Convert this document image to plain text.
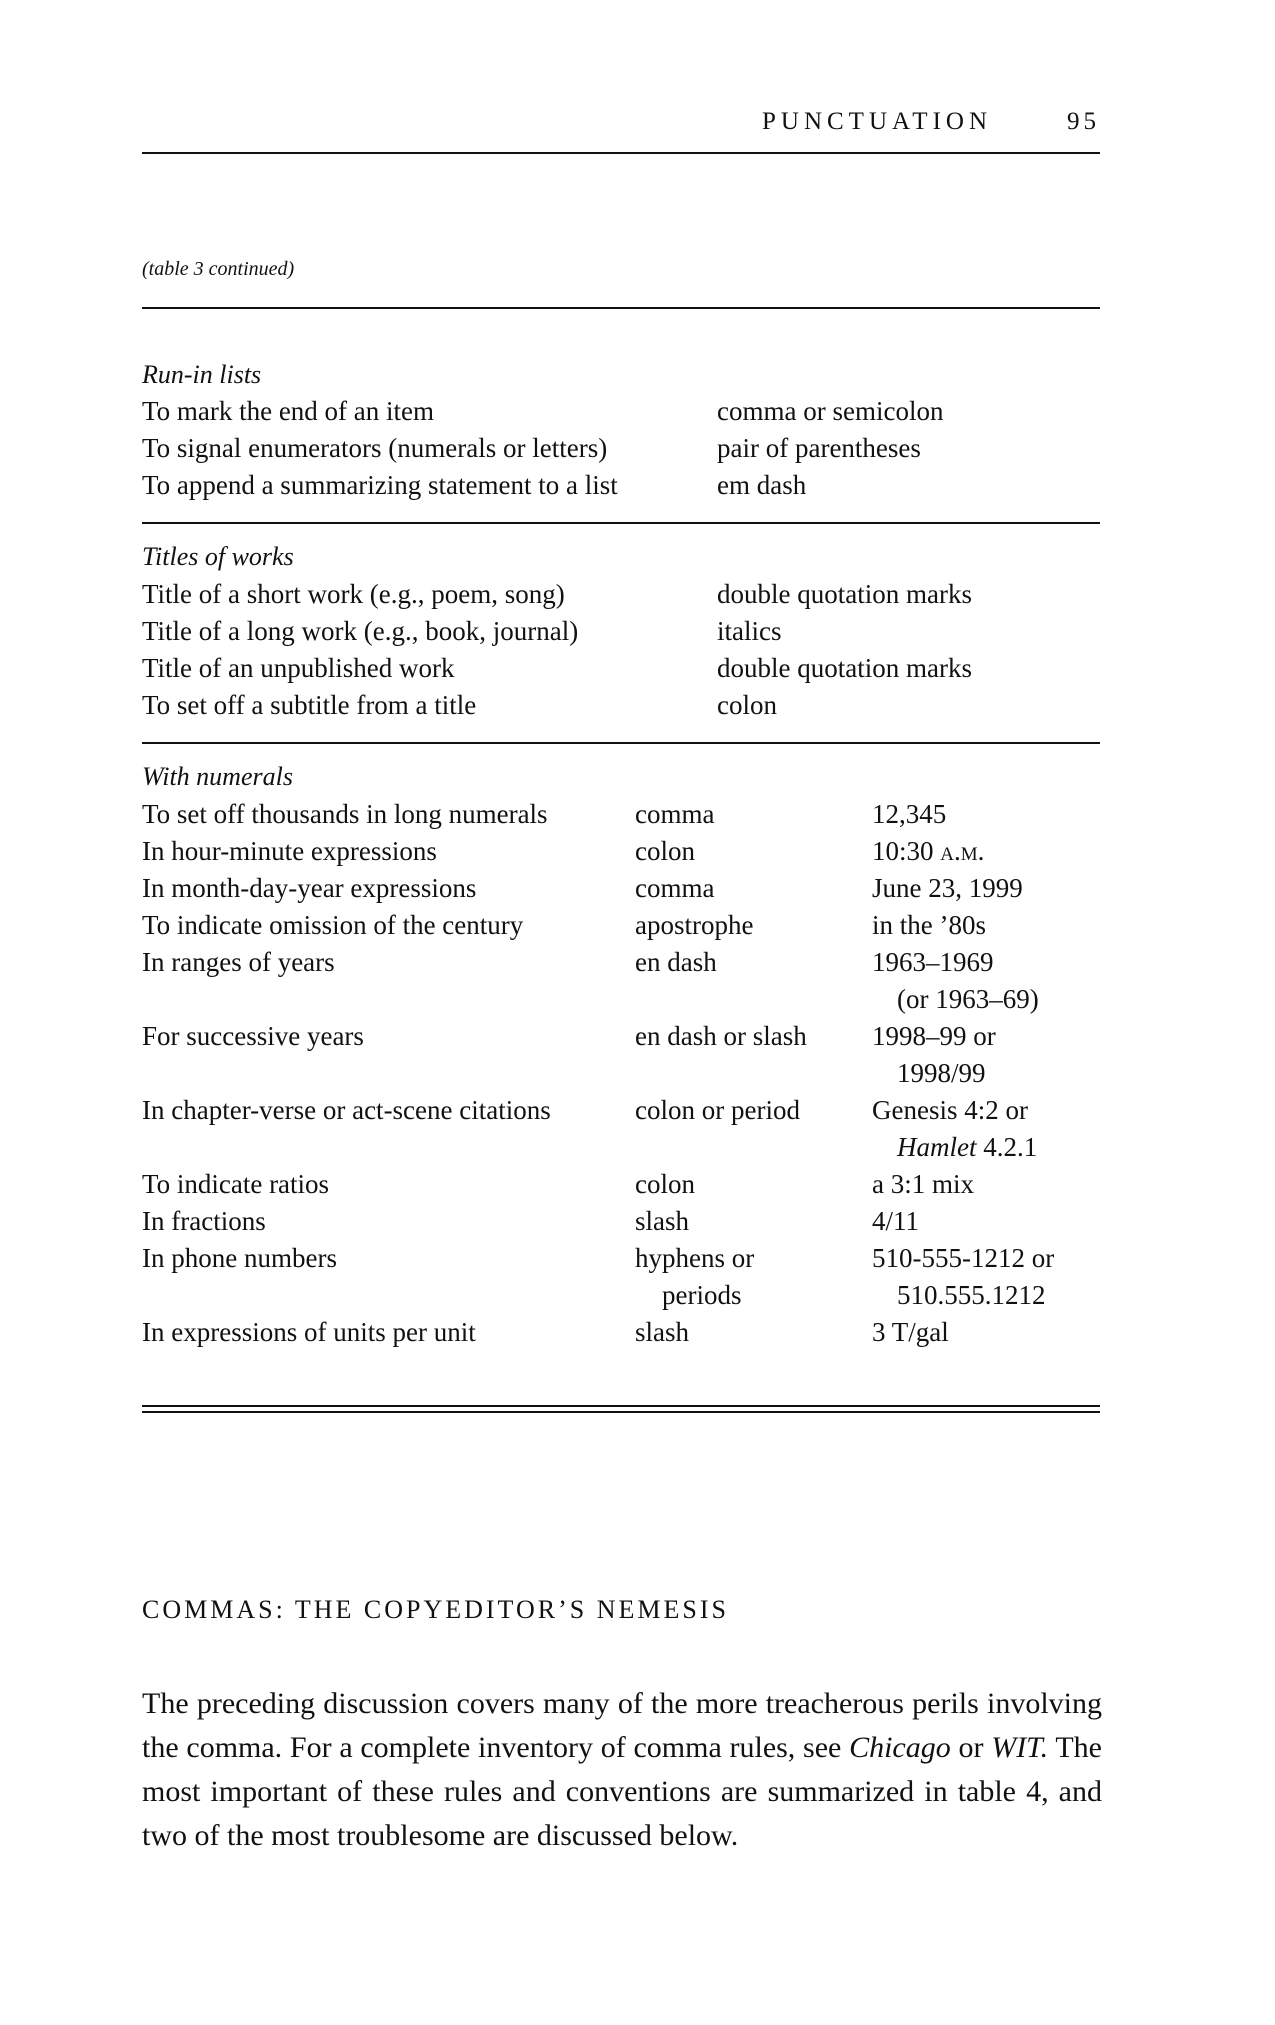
PUNCTUATION	95
(table 3 continued)
Run-in lists
To mark the end of an item	comma or semicolon
To signal enumerators (numerals or letters)	pair of parentheses
To append a summarizing statement to a list	em dash
Titles of works
Title of a short work (e.g., poem, song)	double quotation marks
Title of a long work (e.g., book, journal)	italics
Title of an unpublished work	double quotation marks
To set off a subtitle from a title	colon
With numerals
To set off thousands in long numerals	comma	12,345
In hour-minute expressions	colon	10:30 a.m.
In month-day-year expressions	comma	June 23, 1999
To indicate omission of the century	apostrophe	in the ’80s
In ranges of years	en dash	1963–1969
(or 1963–69)
For successive years	en dash or slash 1998–99 or
1998/99
In chapter-verse or act-scene citations	colon or period	Genesis 4:2 or
Hamlet 4.2.1
To indicate ratios	colon	a 3:1 mix
In fractions	slash	4/11
In phone numbers	hyphens or	510-555-1212 or
periods	510.555.1212
In expressions of units per unit	slash	3 T/gal
COMMAS: THE COPYEDITOR’S NEMESIS

The preceding discussion covers many of the more treacherous perils involving the comma. For a complete inventory of comma rules, see Chicago or WIT. The most important of these rules and conventions are summarized in table 4, and two of the most troublesome are discussed below.
